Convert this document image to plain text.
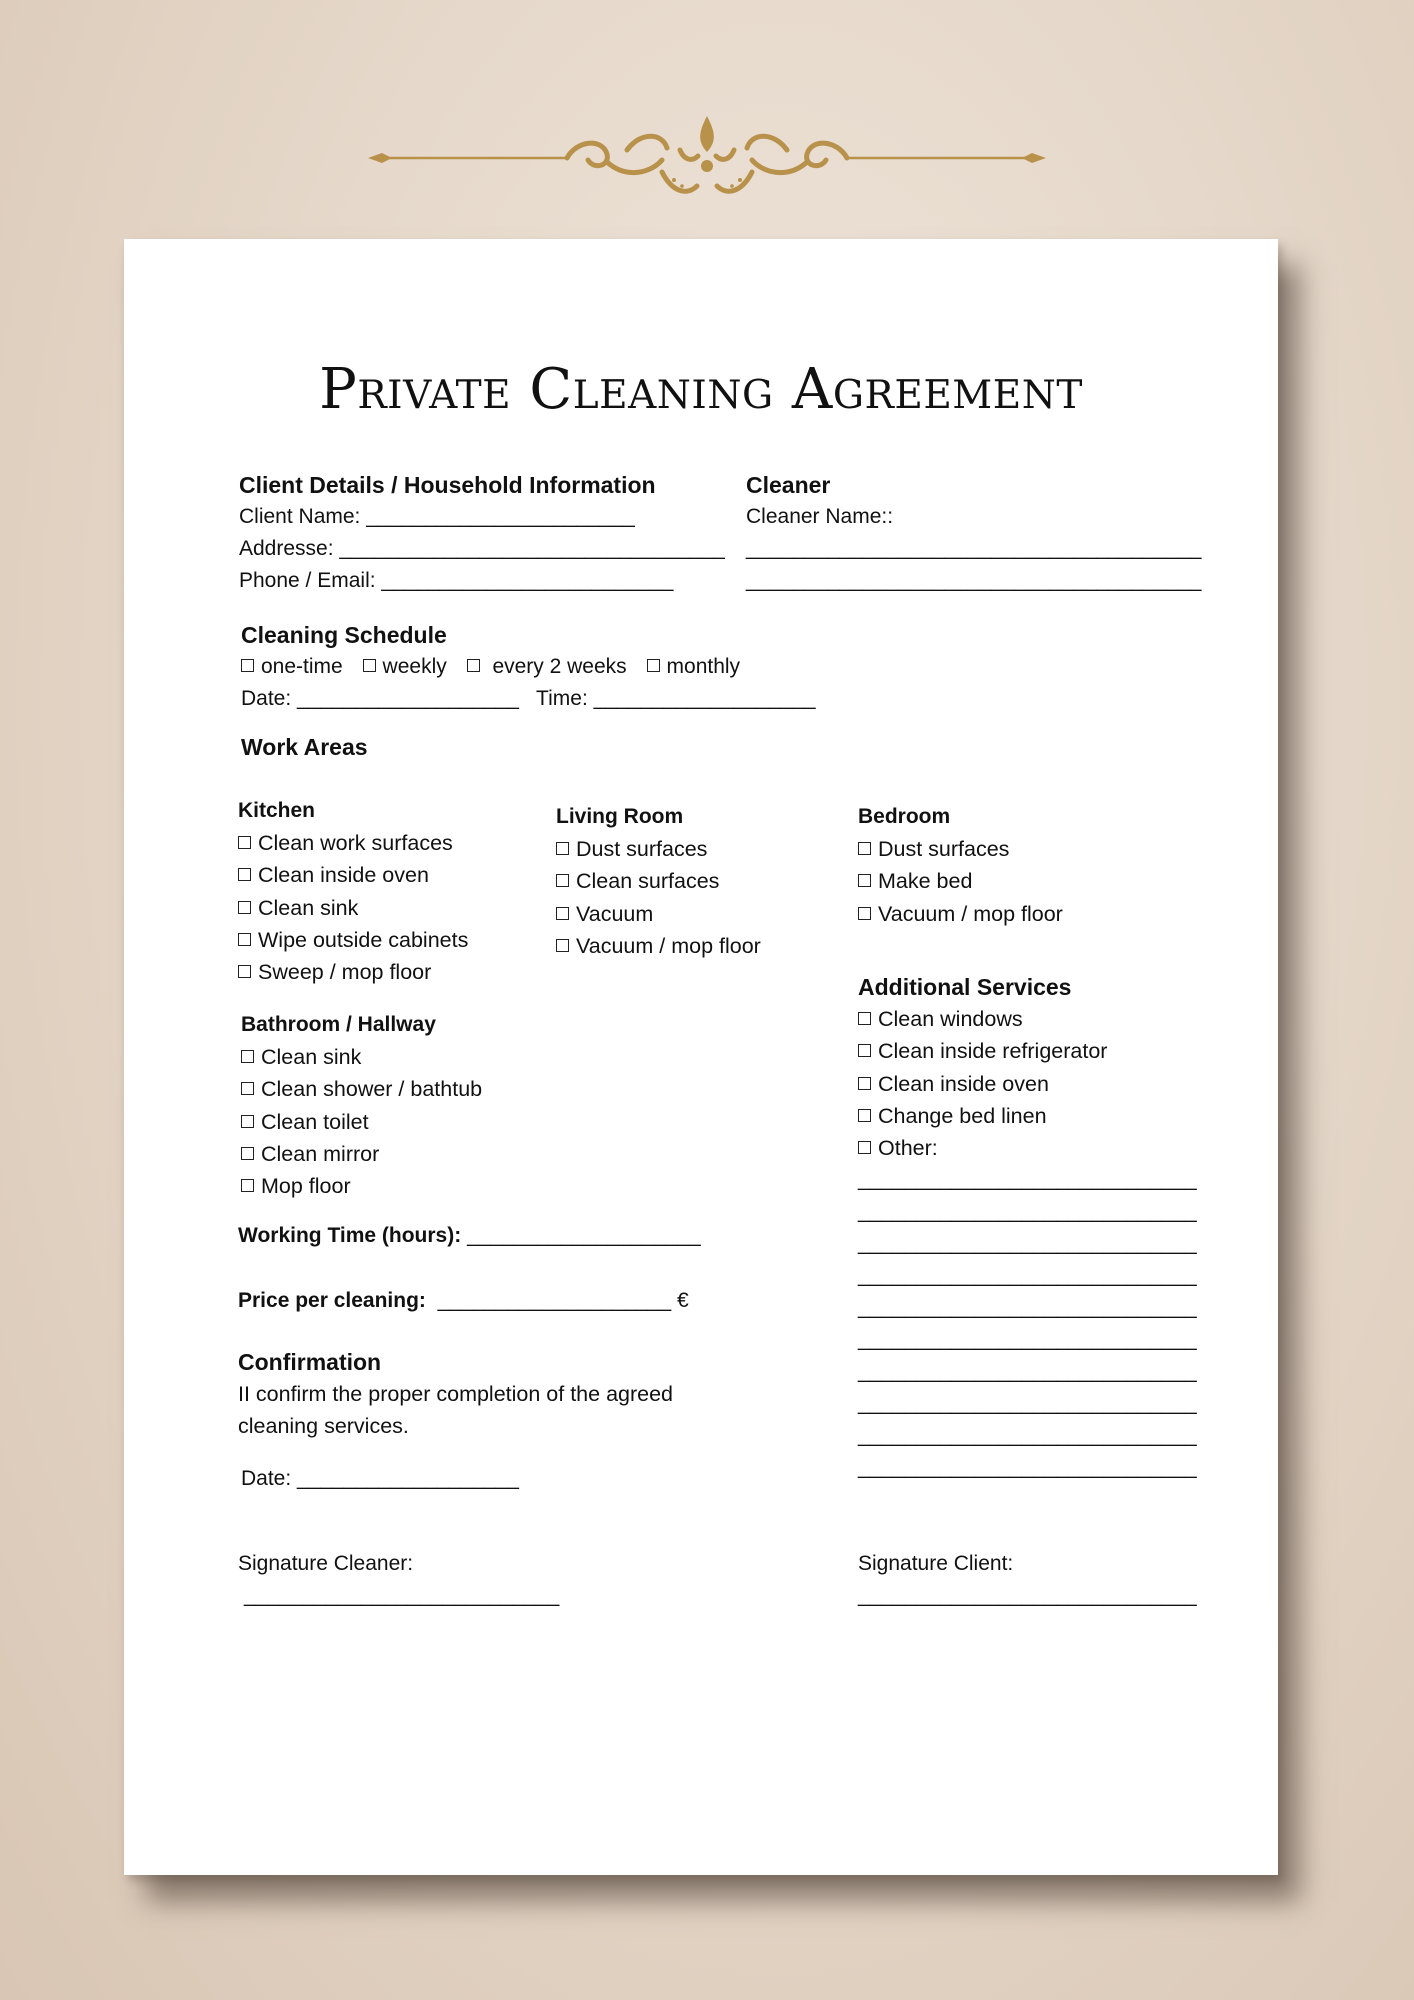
Private Cleaning Agreement
Client Details / Household Information
Client Name: _______________________
Addresse: _________________________________
Phone / Email: _________________________
Cleaner
Cleaner Name::
_______________________________________
_______________________________________
Cleaning Schedule
one-time weekly every 2 weeks monthly
Date: ___________________   Time: ___________________
Work Areas
Kitchen
Clean work surfaces
Clean inside oven
Clean sink
Wipe outside cabinets
Sweep / mop floor
Living Room
Dust surfaces
Clean surfaces
Vacuum
Vacuum / mop floor
Bedroom
Dust surfaces
Make bed
Vacuum / mop floor
Bathroom / Hallway
Clean sink
Clean shower / bathtub
Clean toilet
Clean mirror
Mop floor
Additional Services
Clean windows
Clean inside refrigerator
Clean inside oven
Change bed linen
Other:
_____________________________
_____________________________
_____________________________
_____________________________
_____________________________
_____________________________
_____________________________
_____________________________
_____________________________
_____________________________
Working Time (hours): ____________________
Price per cleaning:  ____________________ €
Confirmation
II confirm the proper completion of the agreed cleaning services.
Date: ___________________
Signature Cleaner:
___________________________
Signature Client:
_____________________________
